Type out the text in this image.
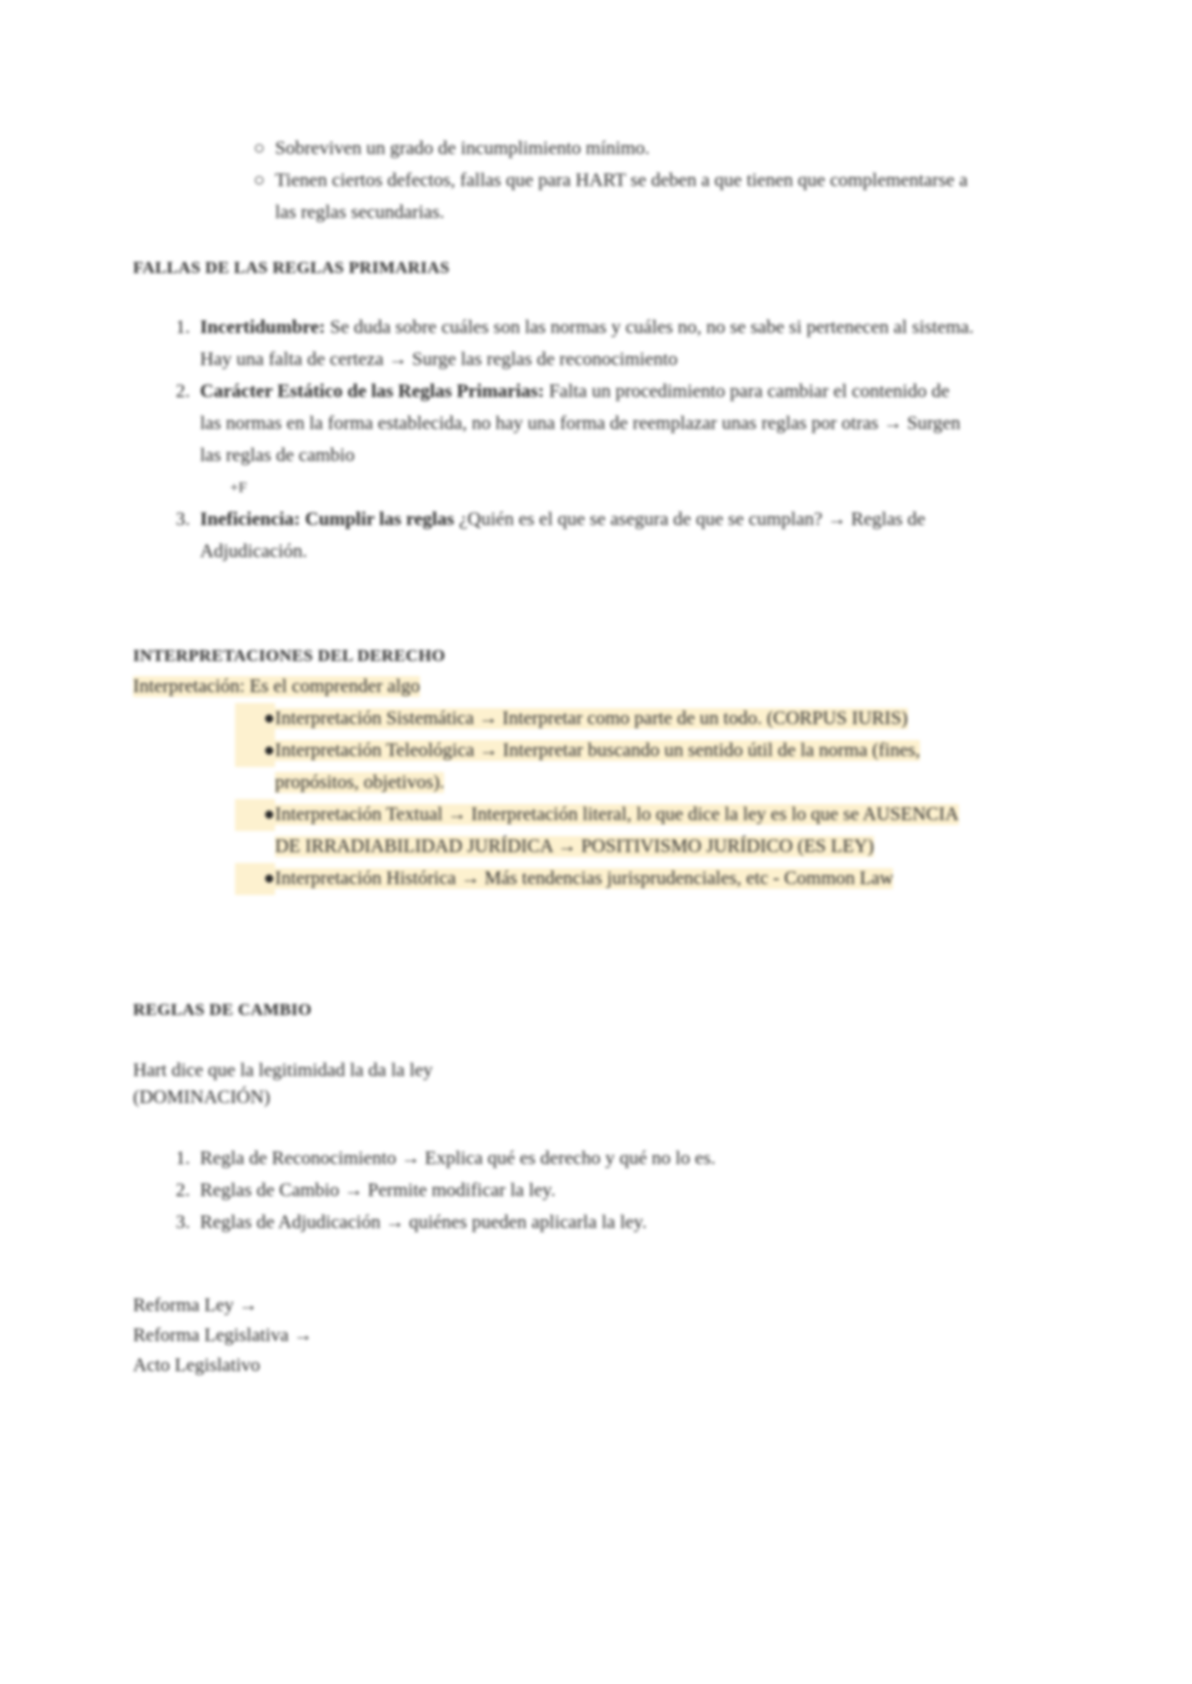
○ Sobreviven un grado de incumplimiento mínimo.
○ Tienen ciertos defectos, fallas que para HART se deben a que tienen que complementarse a las reglas secundarias.
FALLAS DE LAS REGLAS PRIMARIAS
1. Incertidumbre: Se duda sobre cuáles son las normas y cuáles no, no se sabe si pertenecen al sistema. Hay una falta de certeza → Surge las reglas de reconocimiento
2. Carácter Estático de las Reglas Primarias: Falta un procedimiento para cambiar el contenido de las normas en la forma establecida, no hay una forma de reemplazar unas reglas por otras → Surgen las reglas de cambio
+F
3. Ineficiencia: Cumplir las reglas ¿Quién es el que se asegura de que se cumplan? → Reglas de Adjudicación.
INTERPRETACIONES DEL DERECHO
Interpretación: Es el comprender algo
● Interpretación Sistemática → Interpretar como parte de un todo. (CORPUS IURIS)
● Interpretación Teleológica → Interpretar buscando un sentido útil de la norma (fines, propósitos, objetivos).
● Interpretación Textual → Interpretación literal, lo que dice la ley es lo que se AUSENCIA DE IRRADIABILIDAD JURÍDICA → POSITIVISMO JURÍDICO (ES LEY)
● Interpretación Histórica → Más tendencias jurisprudenciales, etc - Common Law
REGLAS DE CAMBIO
Hart dice que la legitimidad la da la ley
(DOMINACIÓN)
1. Regla de Reconocimiento → Explica qué es derecho y qué no lo es.
2. Reglas de Cambio → Permite modificar la ley.
3. Reglas de Adjudicación → quiénes pueden aplicarla la ley.
Reforma Ley →
Reforma Legislativa →
Acto Legislativo
